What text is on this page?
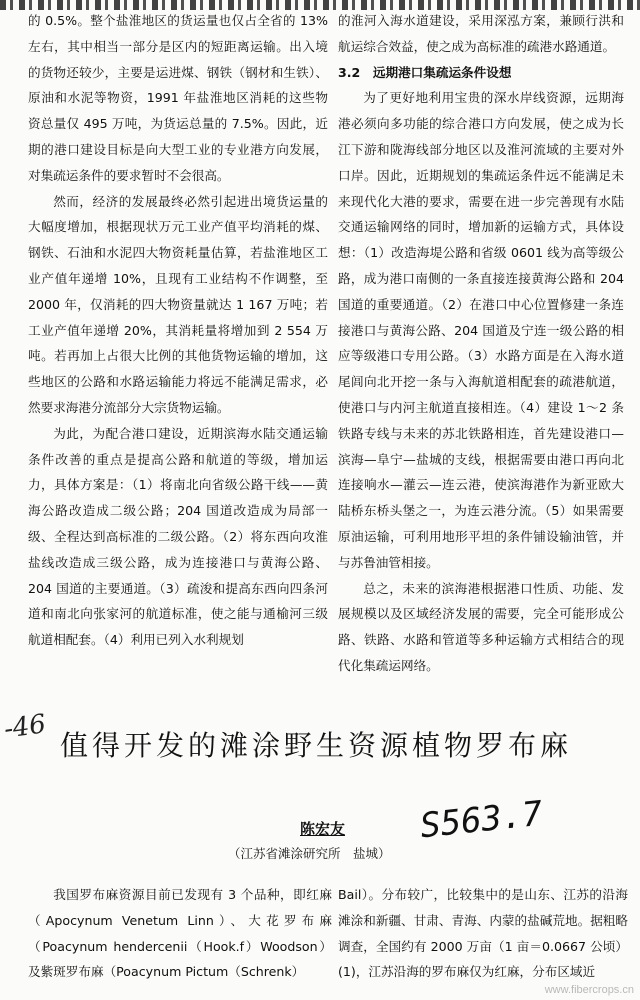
的 0.5%。整个盐淮地区的货运量也仅占全省的 13%左右，其中相当一部分是区内的短距离运输。出入境的货物还较少，主要是运进煤、钢铁（钢材和生铁）、原油和水泥等物资，1991 年盐淮地区消耗的这些物资总量仅 495 万吨，为货运总量的 7.5%。因此，近期的港口建设目标是向大型工业的专业港方向发展，对集疏运条件的要求暂时不会很高。

然而，经济的发展最终必然引起进出境货运量的大幅度增加，根据现状万元工业产值平均消耗的煤、钢铁、石油和水泥四大物资耗量估算，若盐淮地区工业产值年递增 10%，且现有工业结构不作调整，至 2000 年，仅消耗的四大物资量就达 1 167 万吨；若工业产值年递增 20%，其消耗量将增加到 2 554 万吨。若再加上占很大比例的其他货物运输的增加，这些地区的公路和水路运输能力将远不能满足需求，必然要求海港分流部分大宗货物运输。

为此，为配合港口建设，近期滨海水陆交通运输条件改善的重点是提高公路和航道的等级，增加运力，具体方案是：（1）将南北向省级公路干线——黄海公路改造成二级公路；204 国道改造成为局部一级、全程达到高标准的二级公路。（2）将东西向攻淮盐线改造成三级公路，成为连接港口与黄海公路、204 国道的主要通道。（3）疏浚和提高东西向四条河道和南北向张家河的航道标准，使之能与通榆河三级航道相配套。（4）利用已列入水利规划

的淮河入海水道建设，采用深泓方案，兼顾行洪和航运综合效益，使之成为高标准的疏港水路通道。

3.2　远期港口集疏运条件设想

为了更好地利用宝贵的深水岸线资源，远期海港必须向多功能的综合港口方向发展，使之成为长江下游和陇海线部分地区以及淮河流域的主要对外口岸。因此，近期规划的集疏运条件远不能满足未来现代化大港的要求，需要在进一步完善现有水陆交通运输网络的同时，增加新的运输方式，具体设想：（1）改造海堤公路和省级 0601 线为高等级公路，成为港口南侧的一条直接连接黄海公路和 204 国道的重要通道。（2）在港口中心位置修建一条连接港口与黄海公路、204 国道及宁连一级公路的相应等级港口专用公路。（3）水路方面是在入海水道尾闾向北开挖一条与入海航道相配套的疏港航道，使港口与内河主航道直接相连。（4）建设 1～2 条铁路专线与未来的苏北铁路相连，首先建设港口—滨海—阜宁—盐城的支线，根据需要由港口再向北连接响水—灌云—连云港，使滨海港作为新亚欧大陆桥东桥头堡之一，为连云港分流。（5）如果需要原油运输，可利用地形平坦的条件铺设输油管，并与苏鲁油管相接。

总之，未来的滨海港根据港口性质、功能、发展规模以及区域经济发展的需要，完全可能形成公路、铁路、水路和管道等多种运输方式相结合的现代化集疏运网络。

-46
值得开发的滩涂野生资源植物罗布麻
陈宏友 S563.7
（江苏省滩涂研究所　盐城）

我国罗布麻资源目前已发现有 3 个品种，即红麻（Apocynum Venetum Linn）、大花罗布麻（Poacynum hendercenii（Hook.f）Woodson）及紫斑罗布麻（Poacynum Pictum（Schrenk）

Bail）。分布较广，比较集中的是山东、江苏的沿海滩涂和新疆、甘肃、青海、内蒙的盐碱荒地。据粗略调查，全国约有 2000 万亩（1 亩＝0.0667 公顷）(1)，江苏沿海的罗布麻仅为红麻，分布区域近

www.fibercrops.cn
